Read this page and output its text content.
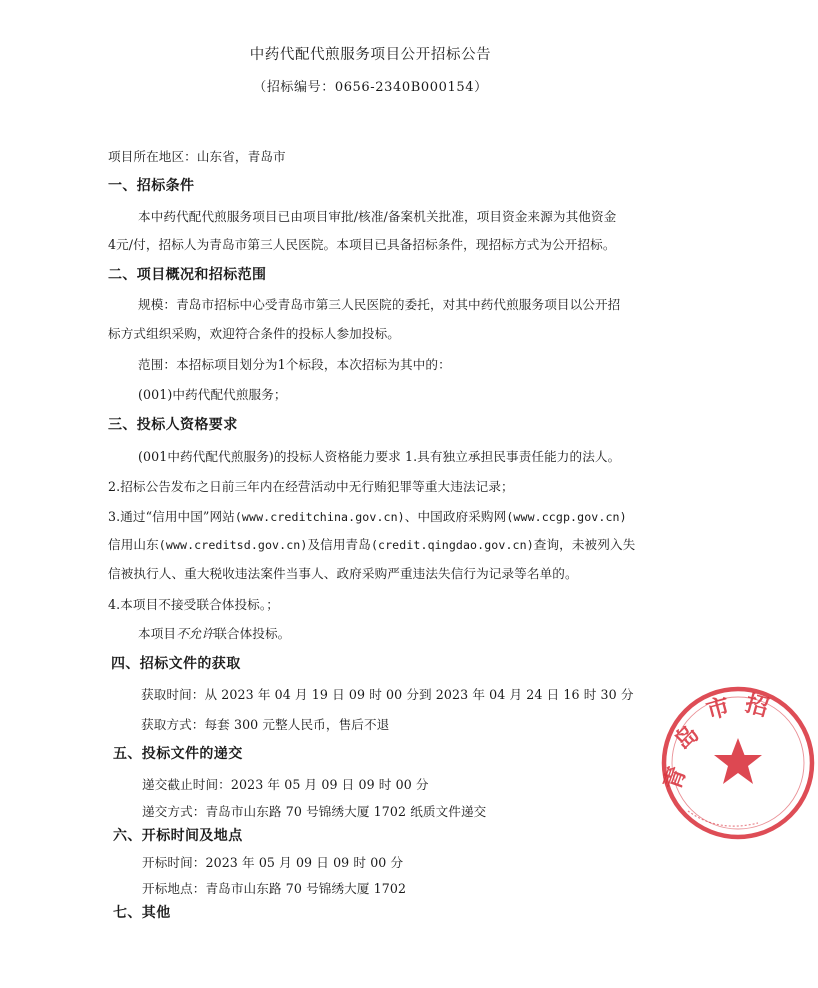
中药代配代煎服务项目公开招标公告
（招标编号：0656-2340B000154）
项目所在地区：山东省，青岛市
一、招标条件
本中药代配代煎服务项目已由项目审批/核准/备案机关批准，项目资金来源为其他资金
4元/付，招标人为青岛市第三人民医院。本项目已具备招标条件，现招标方式为公开招标。
二、项目概况和招标范围
规模：青岛市招标中心受青岛市第三人民医院的委托，对其中药代煎服务项目以公开招
标方式组织采购，欢迎符合条件的投标人参加投标。
范围：本招标项目划分为1个标段，本次招标为其中的：
(001)中药代配代煎服务；
三、投标人资格要求
(001中药代配代煎服务)的投标人资格能力要求 1.具有独立承担民事责任能力的法人。
2.招标公告发布之日前三年内在经营活动中无行贿犯罪等重大违法记录；
3.通过“信用中国”网站(www.creditchina.gov.cn)、中国政府采购网(www.ccgp.gov.cn)
信用山东(www.creditsd.gov.cn)及信用青岛(credit.qingdao.gov.cn)查询，未被列入失
信被执行人、重大税收违法案件当事人、政府采购严重违法失信行为记录等名单的。
4.本项目不接受联合体投标。；
本项目不允许联合体投标。
四、招标文件的获取
获取时间：从 2023 年 04 月 19 日 09 时 00 分到 2023 年 04 月 24 日 16 时 30 分
获取方式：每套 300 元整人民币，售后不退
五、投标文件的递交
递交截止时间：2023 年 05 月 09 日 09 时 00 分
递交方式：青岛市山东路 70 号锦绣大厦 1702 纸质文件递交
六、开标时间及地点
开标时间：2023 年 05 月 09 日 09 时 00 分
开标地点：青岛市山东路 70 号锦绣大厦 1702
七、其他
青
岛
市 招
